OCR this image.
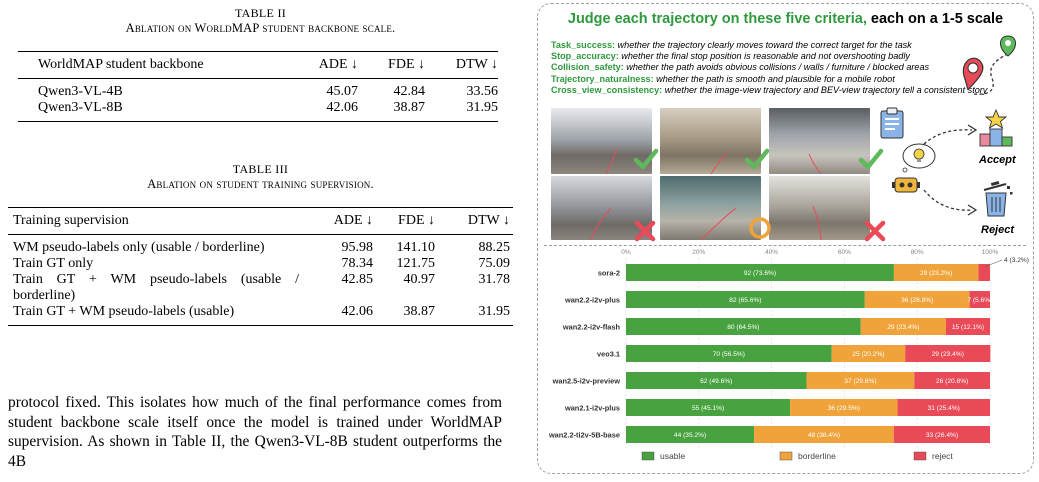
TABLE II
Ablation on WorldMAP student backbone scale.
WorldMAP student backbone	ADE ↓	FDE ↓	DTW ↓
Qwen3-VL-4B	45.07	42.84	33.56
Qwen3-VL-8B	42.06	38.87	31.95
TABLE III
Ablation on student training supervision.
Training supervision	ADE ↓	FDE ↓	DTW ↓
WM pseudo-labels only (usable / borderline)	95.98	141.10	88.25
Train GT only	78.34	121.75	75.09
Train GT + WM pseudo-labels (usable / borderline)	42.85	40.97	31.78
Train GT + WM pseudo-labels (usable)	42.06	38.87	31.95

protocol fixed. This isolates how much of the final performance comes from student backbone scale itself once the model is trained under WorldMAP supervision. As shown in Table II, the Qwen3-VL-8B student outperforms the 4B

Judge each trajectory on these five criteria, each on a 1-5 scale
Task_success: whether the trajectory clearly moves toward the correct target for the task
Stop_accuracy: whether the final stop position is reasonable and not overshooting badly
Collision_safety: whether the path avoids obvious collisions / walls / furniture / blocked areas
Trajectory_naturalness: whether the path is smooth and plausible for a mobile robot
Cross_view_consistency: whether the image-view trajectory and BEV-view trajectory tell a consistent story
Accept
Reject
0%	20%	40%	60%	80%	100%
sora-2	92 (73.6%)	29 (23.2%)
4 (3.2%)
wan2.2-i2v-plus	82 (65.6%)	36 (28.8%)	7 (5.6%)
wan2.2-i2v-flash	80 (64.5%)	29 (23.4%)	15 (12.1%)
veo3.1	70 (56.5%)	25 (20.2%)	29 (23.4%)
wan2.5-i2v-preview	62 (49.6%)	37 (29.6%)	26 (20.8%)
wan2.1-i2v-plus	55 (45.1%)	36 (29.5%)	31 (25.4%)
wan2.2-ti2v-5B-base	44 (35.2%)	48 (38.4%)	33 (26.4%)
usable	borderline	reject
